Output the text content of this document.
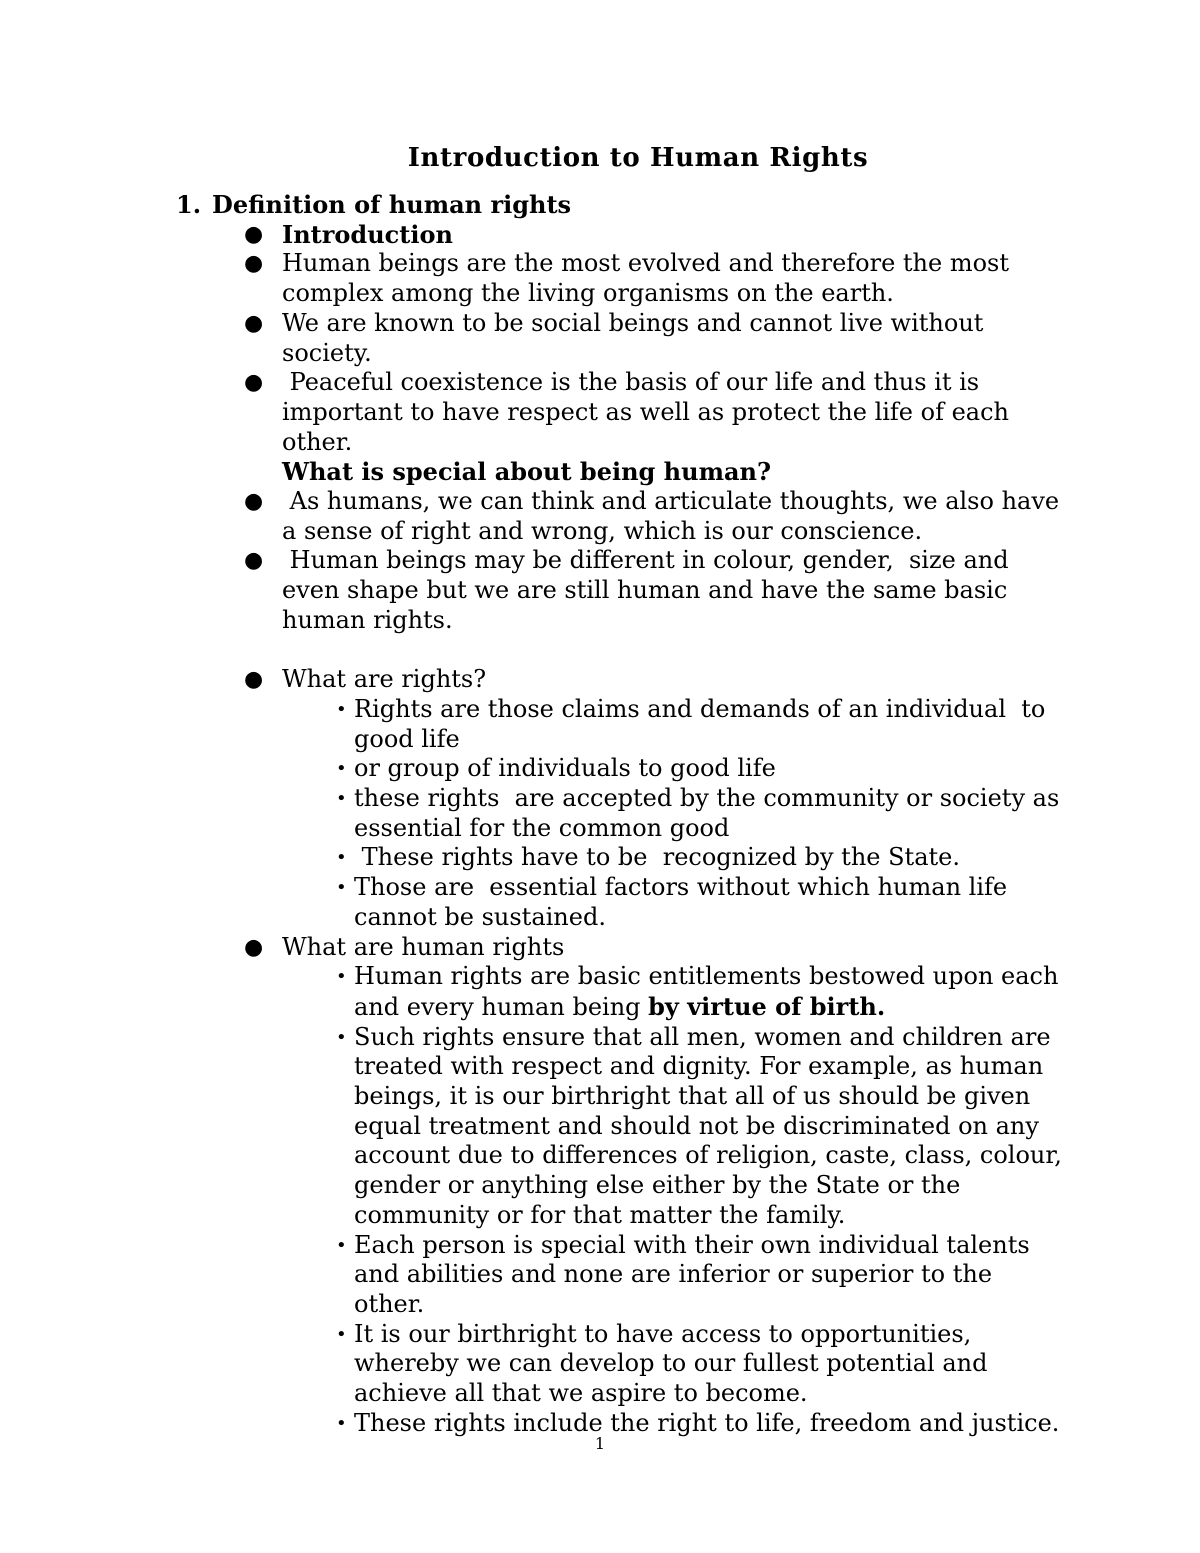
Introduction to Human Rights
1. Definition of human rights
● Introduction
● Human beings are the most evolved and therefore the most complex among the living organisms on the earth.
● We are known to be social beings and cannot live without society.
● Peaceful coexistence is the basis of our life and thus it is important to have respect as well as protect the life of each other.
What is special about being human?
● As humans, we can think and articulate thoughts, we also have a sense of right and wrong, which is our conscience.
● Human beings may be different in colour, gender,  size and even shape but we are still human and have the same basic human rights.
● What are rights?
• Rights are those claims and demands of an individual  to good life
• or group of individuals to good life
• these rights  are accepted by the community or society as essential for the common good
• These rights have to be  recognized by the State.
• Those are  essential factors without which human life cannot be sustained.
● What are human rights
• Human rights are basic entitlements bestowed upon each and every human being by virtue of birth.
• Such rights ensure that all men, women and children are treated with respect and dignity. For example, as human beings, it is our birthright that all of us should be given equal treatment and should not be discriminated on any account due to differences of religion, caste, class, colour, gender or anything else either by the State or the community or for that matter the family.
• Each person is special with their own individual talents and abilities and none are inferior or superior to the other.
• It is our birthright to have access to opportunities, whereby we can develop to our fullest potential and achieve all that we aspire to become.
• These rights include the right to life, freedom and justice.
1
